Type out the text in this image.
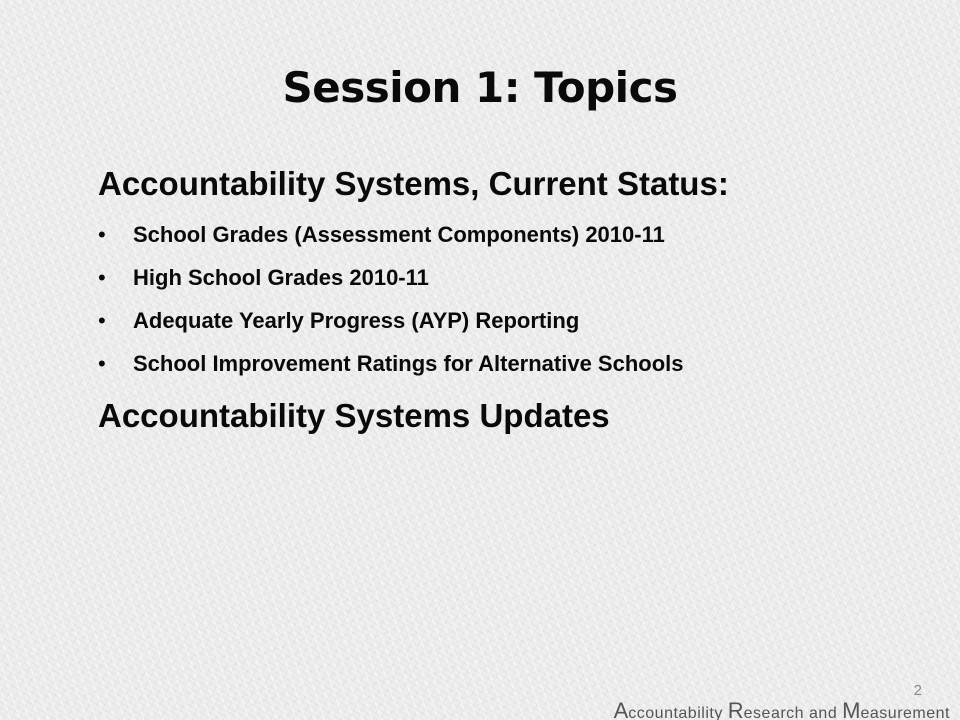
Session 1: Topics

Accountability Systems, Current Status:

• School Grades (Assessment Components) 2010-11
• High School Grades 2010-11
• Adequate Yearly Progress (AYP) Reporting
• School Improvement Ratings for Alternative Schools

Accountability Systems Updates

2
Accountability Research and Measurement
